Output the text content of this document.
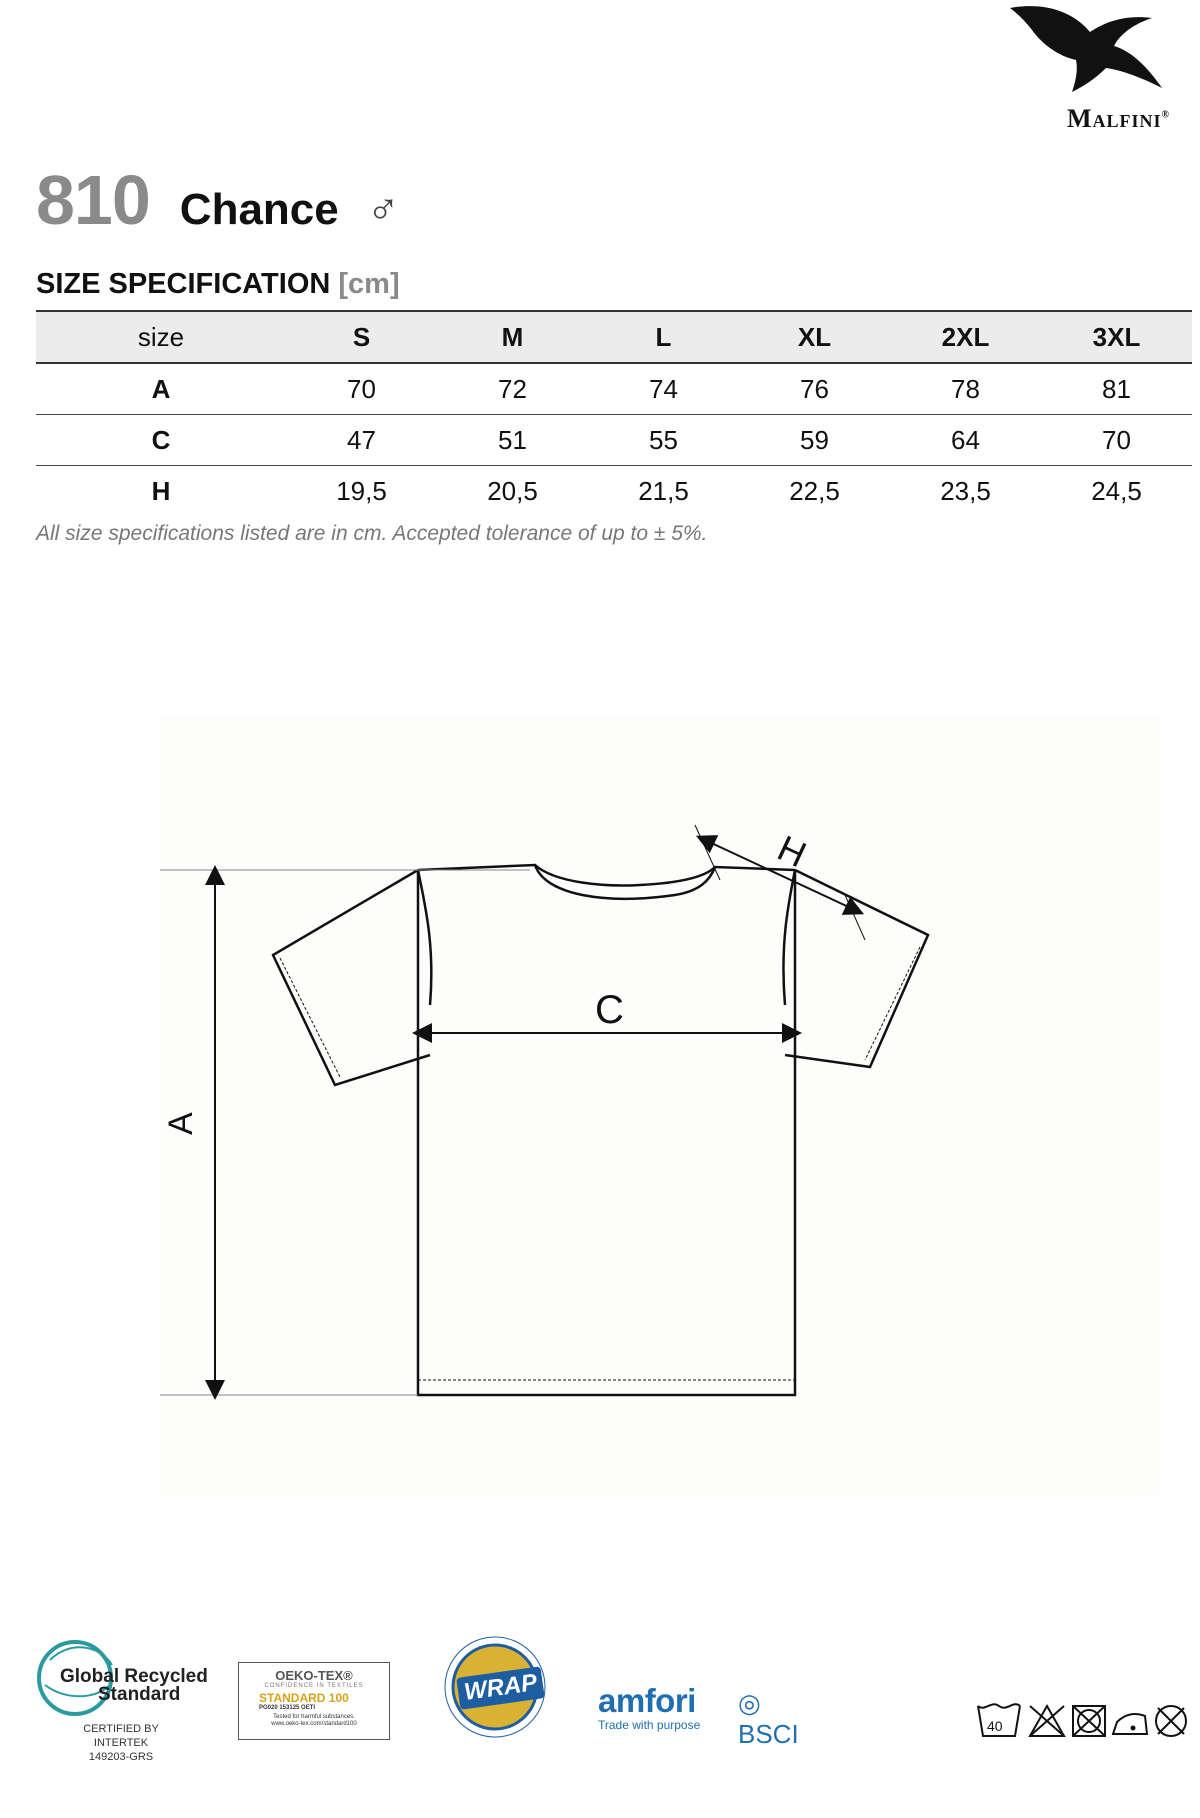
Malfini®
810 Chance ♂
SIZE SPECIFICATION [cm]
size	S	M	L	XL	2XL	3XL
A	70	72	74	76	78	81
C	47	51	55	59	64	70
H	19,5	20,5	21,5	22,5	23,5	24,5
All size specifications listed are in cm. Accepted tolerance of up to ± 5%.
A
C
H
Global Recycled
Standard
CERTIFIED BY INTERTEK
149203-GRS
OEKO-TEX®
CONFIDENCE IN TEXTILES
STANDARD 100
PG020 153125 OETI
Tested for harmful substances.
www.oeko-tex.com/standard100
WRAP amfori
Trade with purpose
◎ BSCI	40
